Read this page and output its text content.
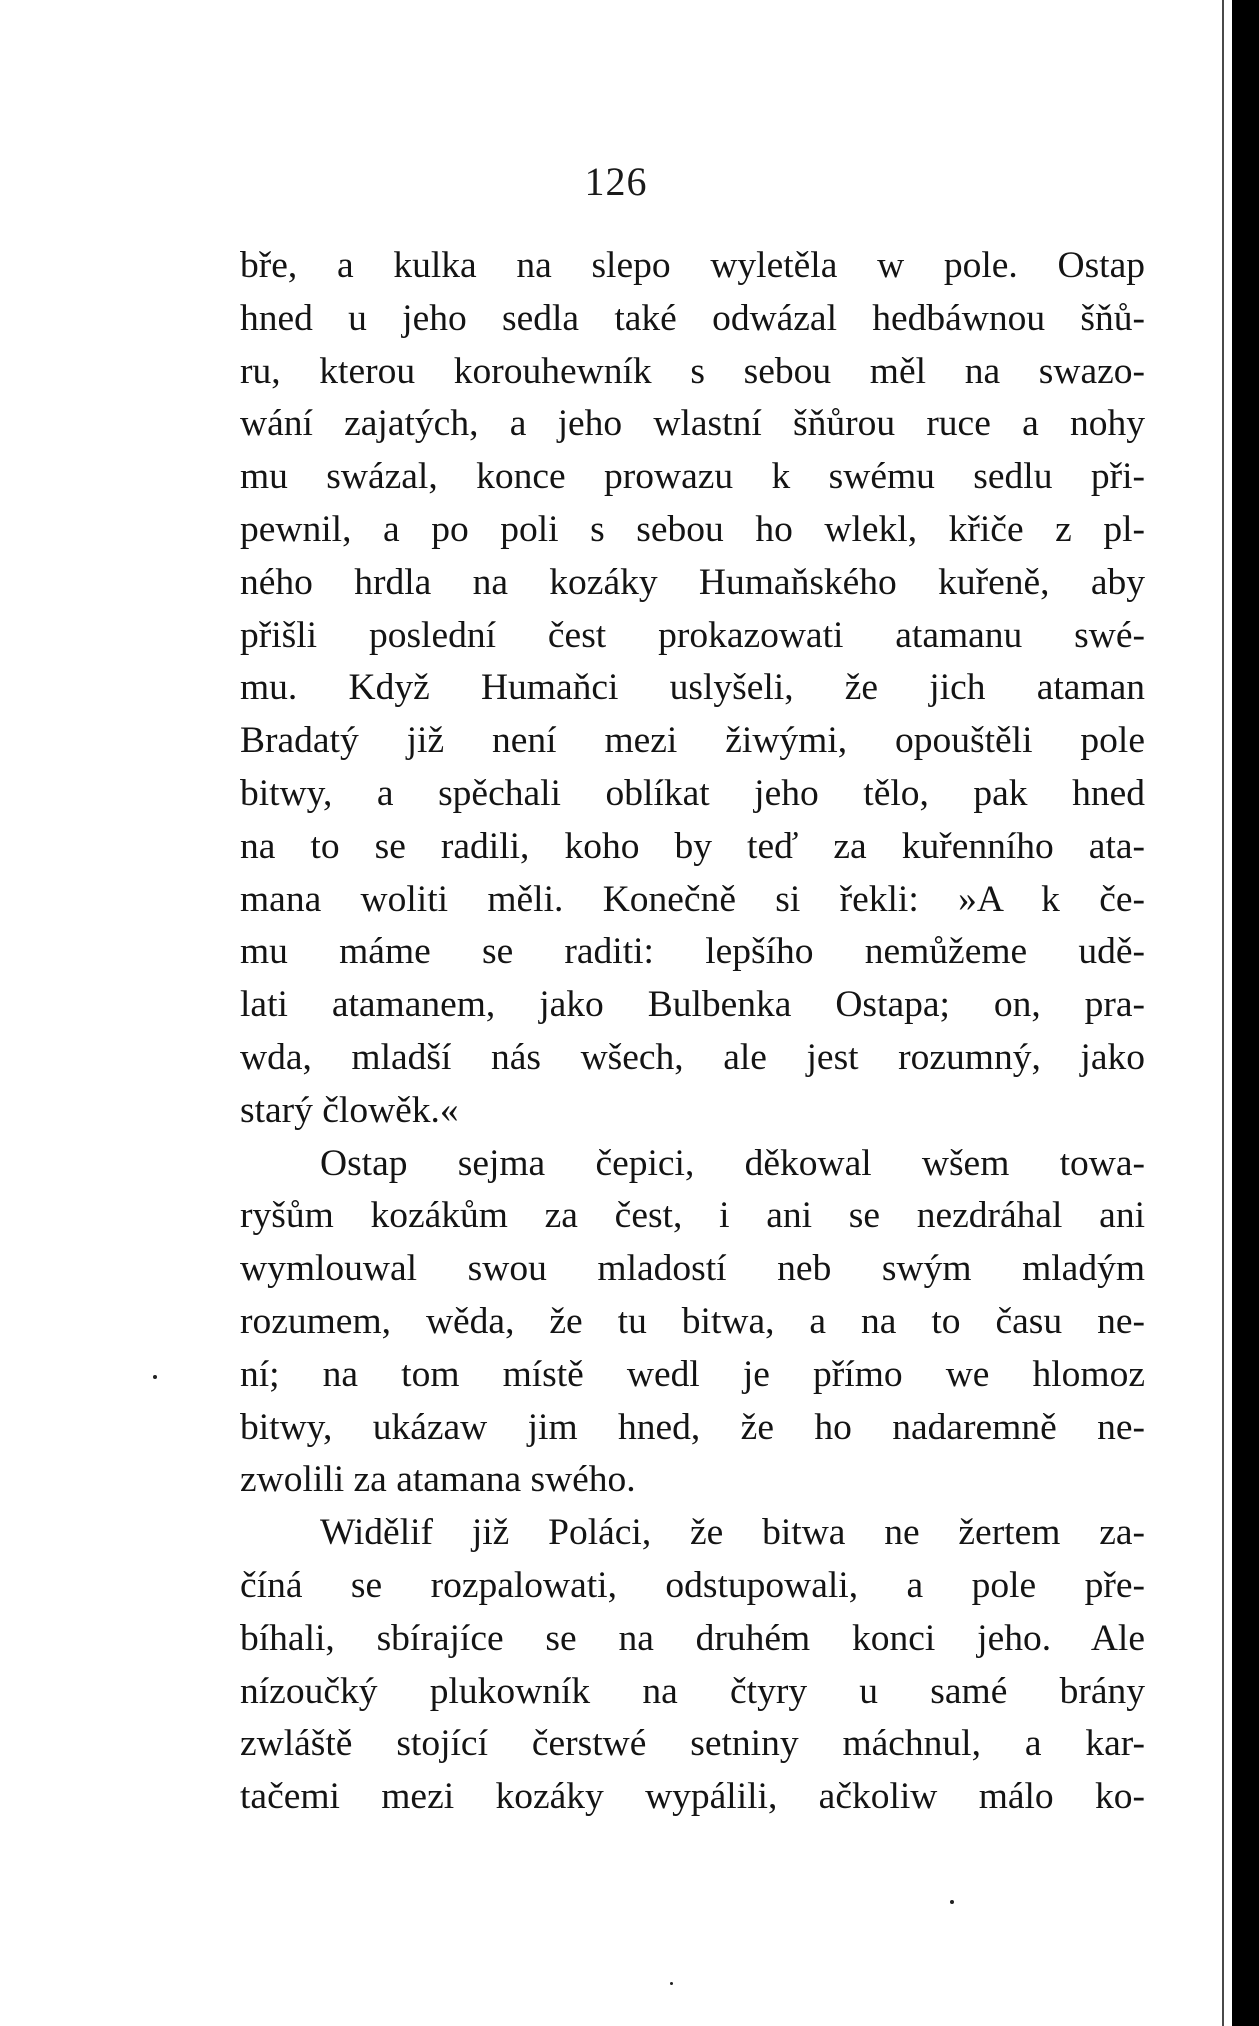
126
bře, a kulka na slepo wyletěla w pole. Ostap
hned u jeho sedla také odwázal hedbáwnou šňů-
ru, kterou korouhewník s sebou měl na swazo-
wání zajatých, a jeho wlastní šňůrou ruce a nohy
mu swázal, konce prowazu k swému sedlu při-
pewnil, a po poli s sebou ho wlekl, křiče z pl-
ného hrdla na kozáky Humaňského kuřeně, aby
přišli poslední čest prokazowati atamanu swé-
mu. Když Humaňci uslyšeli, že jich ataman
Bradatý již není mezi žiwými, opouštěli pole
bitwy, a spěchali oblíkat jeho tělo, pak hned
na to se radili, koho by teď za kuřenního ata-
mana woliti měli. Konečně si řekli: »A k če-
mu máme se raditi: lepšího nemůžeme udě-
lati atamanem, jako Bulbenka Ostapa; on, pra-
wda, mladší nás wšech, ale jest rozumný, jako
starý člowěk.«
Ostap sejma čepici, děkowal wšem towa-
ryšům kozákům za čest, i ani se nezdráhal ani
wymlouwal swou mladostí neb swým mladým
rozumem, wěda, že tu bitwa, a na to času ne-
ní; na tom místě wedl je přímo we hlomoz
bitwy, ukázaw jim hned, že ho nadaremně ne-
zwolili za atamana swého.
Widělif již Poláci, že bitwa ne žertem za-
číná se rozpalowati, odstupowali, a pole pře-
bíhali, sbírajíce se na druhém konci jeho. Ale
nízoučký plukowník na čtyry u samé brány
zwláště stojící čerstwé setniny máchnul, a kar-
tačemi mezi kozáky wypálili, ačkoliw málo ko-
